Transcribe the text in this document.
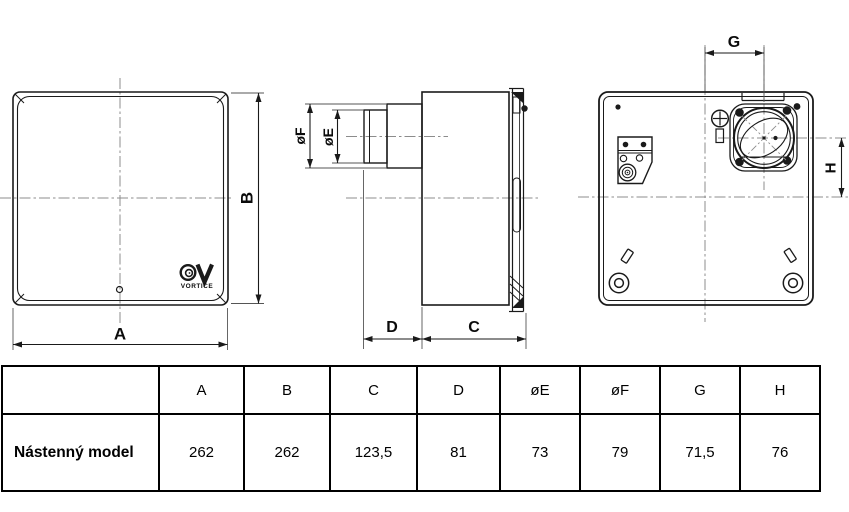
A
B
øF øE
D	C
G
H
VORTICE
	A	B	C	D	øE	øF	G	H
Nástenný model	262	262	123,5	81	73	79	71,5	76
